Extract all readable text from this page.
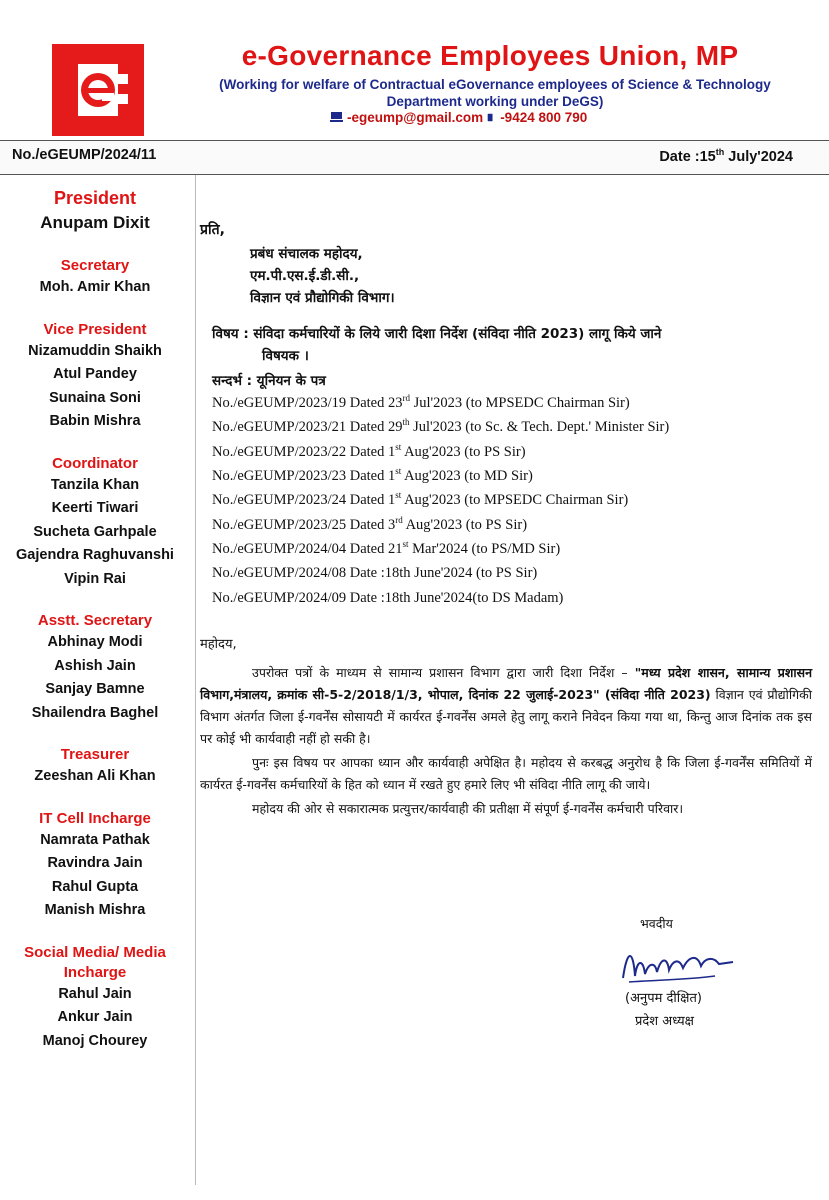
e-Governance Employees Union, MP
(Working for welfare of Contractual eGovernance employees of Science & Technology
Department working under DeGS)
-egeump@gmail.com -9424 800 790
No./eGEUMP/2024/11	Date :15th July'2024
President
Anupam Dixit
Secretary
Moh. Amir Khan
Vice President
Nizamuddin Shaikh
Atul Pandey
Sunaina Soni
Babin Mishra
Coordinator
Tanzila Khan
Keerti Tiwari
Sucheta Garhpale
Gajendra Raghuvanshi
Vipin Rai
Asstt. Secretary
Abhinay Modi
Ashish Jain
Sanjay Bamne
Shailendra Baghel
Treasurer
Zeeshan Ali Khan
IT Cell Incharge
Namrata Pathak
Ravindra Jain
Rahul Gupta
Manish Mishra
Social Media/ Media Incharge
Rahul Jain
Ankur Jain
Manoj Chourey
प्रति,
प्रबंध संचालक महोदय,
एम.पी.एस.ई.डी.सी.,
विज्ञान एवं प्रौद्योगिकी विभाग।
विषय : संविदा कर्मचारियों के लिये जारी दिशा निर्देश (संविदा नीति 2023) लागू किये जाने
विषयक ।
सन्दर्भ : यूनियन के पत्र
No./eGEUMP/2023/19 Dated 23rd Jul'2023 (to MPSEDC Chairman Sir)
No./eGEUMP/2023/21 Dated 29th Jul'2023 (to Sc. & Tech. Dept.' Minister Sir)
No./eGEUMP/2023/22 Dated 1st Aug'2023 (to PS Sir)
No./eGEUMP/2023/23 Dated 1st Aug'2023 (to MD Sir)
No./eGEUMP/2023/24 Dated 1st Aug'2023 (to MPSEDC Chairman Sir)
No./eGEUMP/2023/25 Dated 3rd Aug'2023 (to PS Sir)
No./eGEUMP/2024/04 Dated 21st Mar'2024 (to PS/MD Sir)
No./eGEUMP/2024/08 Date :18th June'2024 (to PS Sir)
No./eGEUMP/2024/09 Date :18th June'2024(to DS Madam)
महोदय,
उपरोक्त पत्रों के माध्यम से सामान्य प्रशासन विभाग द्वारा जारी दिशा निर्देश – "मध्य प्रदेश शासन, सामान्य प्रशासन विभाग,मंत्रालय, क्रमांक सी-5-2/2018/1/3, भोपाल, दिनांक 22 जुलाई-2023" (संविदा नीति 2023) विज्ञान एवं प्रौद्योगिकी विभाग अंतर्गत जिला ई-गवर्नेंस सोसायटी में कार्यरत ई-गवर्नेंस अमले हेतु लागू कराने निवेदन किया गया था, किन्तु आज दिनांक तक इस पर कोई भी कार्यवाही नहीं हो सकी है।
पुनः इस विषय पर आपका ध्यान और कार्यवाही अपेक्षित है। महोदय से करबद्ध अनुरोध है कि जिला ई-गवर्नेंस समितियों में कार्यरत ई-गवर्नेंस कर्मचारियों के हित को ध्यान में रखते हुए हमारे लिए भी संविदा नीति लागू की जाये।
महोदय की ओर से सकारात्मक प्रत्युत्तर/कार्यवाही की प्रतीक्षा में संपूर्ण ई-गवर्नेंस कर्मचारी परिवार।
भवदीय
(अनुपम दीक्षित)
प्रदेश अध्यक्ष
